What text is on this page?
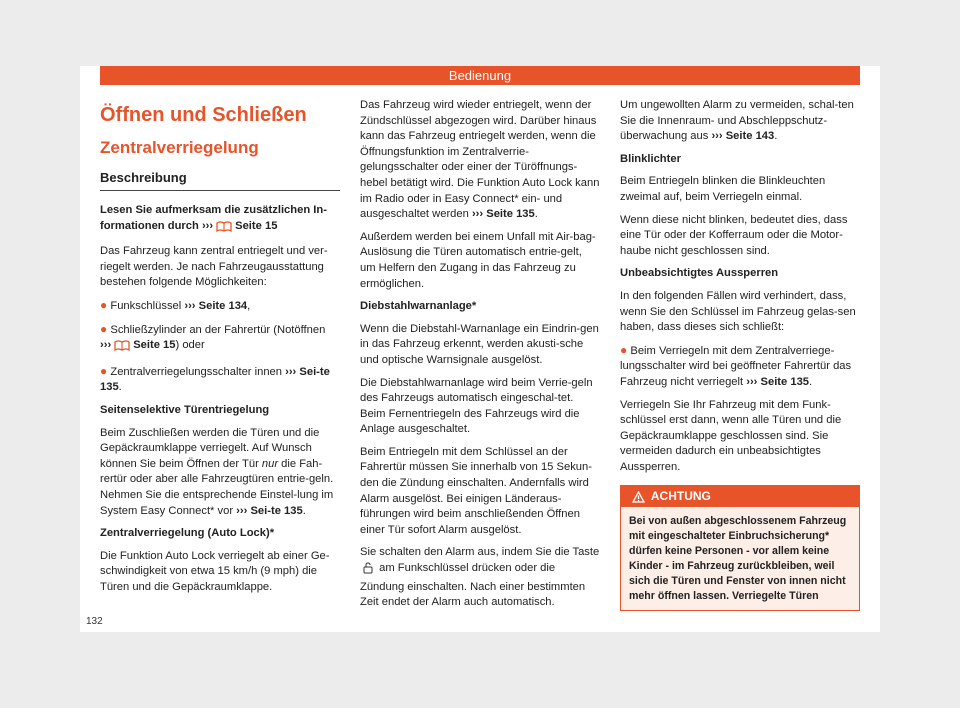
Bedienung
Öffnen und Schließen
Zentralverriegelung
Beschreibung

Lesen Sie aufmerksam die zusätzlichen In-formationen durch ››› Seite 15

Das Fahrzeug kann zentral entriegelt und ver-riegelt werden. Je nach Fahrzeugausstattung bestehen folgende Möglichkeiten:

● Funkschlüssel ››› Seite 134,

● Schließzylinder an der Fahrertür (Notöffnen
››› Seite 15) oder

● Zentralverriegelungsschalter innen ››› Sei-te 135.

Seitenselektive Türentriegelung

Beim Zuschließen werden die Türen und die Gepäckraumklappe verriegelt. Auf Wunsch können Sie beim Öffnen der Tür nur die Fah-rertür oder aber alle Fahrzeugtüren entrie-geln. Nehmen Sie die entsprechende Einstel-lung im System Easy Connect* vor ››› Sei-te 135.

Zentralverriegelung (Auto Lock)*

Die Funktion Auto Lock verriegelt ab einer Ge-schwindigkeit von etwa 15 km/h (9 mph) die Türen und die Gepäckraumklappe.

Das Fahrzeug wird wieder entriegelt, wenn der Zündschlüssel abgezogen wird. Darüber hinaus kann das Fahrzeug entriegelt werden, wenn die Öffnungsfunktion im Zentralverrie-gelungsschalter oder einer der Türöffnungs-hebel betätigt wird. Die Funktion Auto Lock kann im Radio oder in Easy Connect* ein- und ausgeschaltet werden ››› Seite 135.

Außerdem werden bei einem Unfall mit Air-bag-Auslösung die Türen automatisch entrie-gelt, um Helfern den Zugang in das Fahrzeug zu ermöglichen.

Diebstahlwarnanlage*

Wenn die Diebstahl-Warnanlage ein Eindrin-gen in das Fahrzeug erkennt, werden akusti-sche und optische Warnsignale ausgelöst.

Die Diebstahlwarnanlage wird beim Verrie-geln des Fahrzeugs automatisch eingeschal-tet. Beim Fernentriegeln des Fahrzeugs wird die Anlage ausgeschaltet.

Beim Entriegeln mit dem Schlüssel an der Fahrertür müssen Sie innerhalb von 15 Sekun-den die Zündung einschalten. Andernfalls wird Alarm ausgelöst. Bei einigen Länderaus-führungen wird beim anschließenden Öffnen einer Tür sofort Alarm ausgelöst.

Sie schalten den Alarm aus, indem Sie die Taste  am Funkschlüssel drücken oder die Zündung einschalten. Nach einer bestimmten Zeit endet der Alarm auch automatisch.

Um ungewollten Alarm zu vermeiden, schal-ten Sie die Innenraum- und Abschleppschutz-überwachung aus ››› Seite 143.

Blinklichter

Beim Entriegeln blinken die Blinkleuchten zweimal auf, beim Verriegeln einmal.

Wenn diese nicht blinken, bedeutet dies, dass eine Tür oder der Kofferraum oder die Motor-haube nicht geschlossen sind.

Unbeabsichtigtes Aussperren

In den folgenden Fällen wird verhindert, dass, wenn Sie den Schlüssel im Fahrzeug gelas-sen haben, dass dieses sich schließt:

● Beim Verriegeln mit dem Zentralverriege-lungsschalter wird bei geöffneter Fahrertür das Fahrzeug nicht verriegelt ››› Seite 135.

Verriegeln Sie Ihr Fahrzeug mit dem Funk-schlüssel erst dann, wenn alle Türen und die Gepäckraumklappe geschlossen sind. Sie vermeiden dadurch ein unbeabsichtigtes Aussperren.

ACHTUNG
Bei von außen abgeschlossenem Fahrzeug mit eingeschalteter Einbruchsicherung* dürfen keine Personen - vor allem keine Kinder - im Fahrzeug zurückbleiben, weil sich die Türen und Fenster von innen nicht mehr öffnen lassen. Verriegelte Türen
132
